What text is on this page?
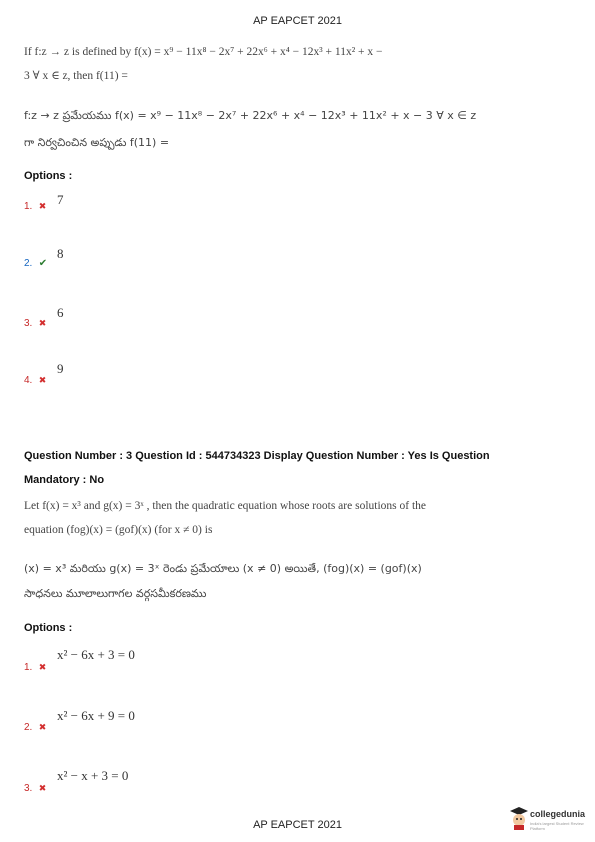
AP EAPCET 2021
If f:z → z is defined by f(x) = x⁹ − 11x⁸ − 2x⁷ + 22x⁶ + x⁴ − 12x³ + 11x² + x −
3 ∀ x ∈ z, then f(11) =
f:z → z ప్రమేయము f(x) = x⁹ − 11x⁸ − 2x⁷ + 22x⁶ + x⁴ − 12x³ + 11x² + x − 3 ∀ x ∈ z
గా నిర్వచించిన అప్పుడు f(11) =
Options :
1. ✖ 7
2. ✔
8
3. ✖
6
4. ✖
9
Question Number : 3 Question Id : 544734323 Display Question Number : Yes Is Question
Mandatory : No
Let f(x) = x³ and g(x) = 3ˣ , then the quadratic equation whose roots are solutions of the
equation (fog)(x) = (gof)(x) (for x ≠ 0) is
(x) = x³ మరియు g(x) = 3ˣ రెండు ప్రమేయాలు (x ≠ 0) అయితే, (fog)(x) = (gof)(x)
సాధనలు మూలాలుగాగల వర్గసమీకరణము
Options :
1. ✖
x² − 6x + 3 = 0
2. ✖
x² − 6x + 9 = 0
3. ✖
x² − x + 3 = 0
AP EAPCET 2021
collegedunia
India's largest Student Review Platform
